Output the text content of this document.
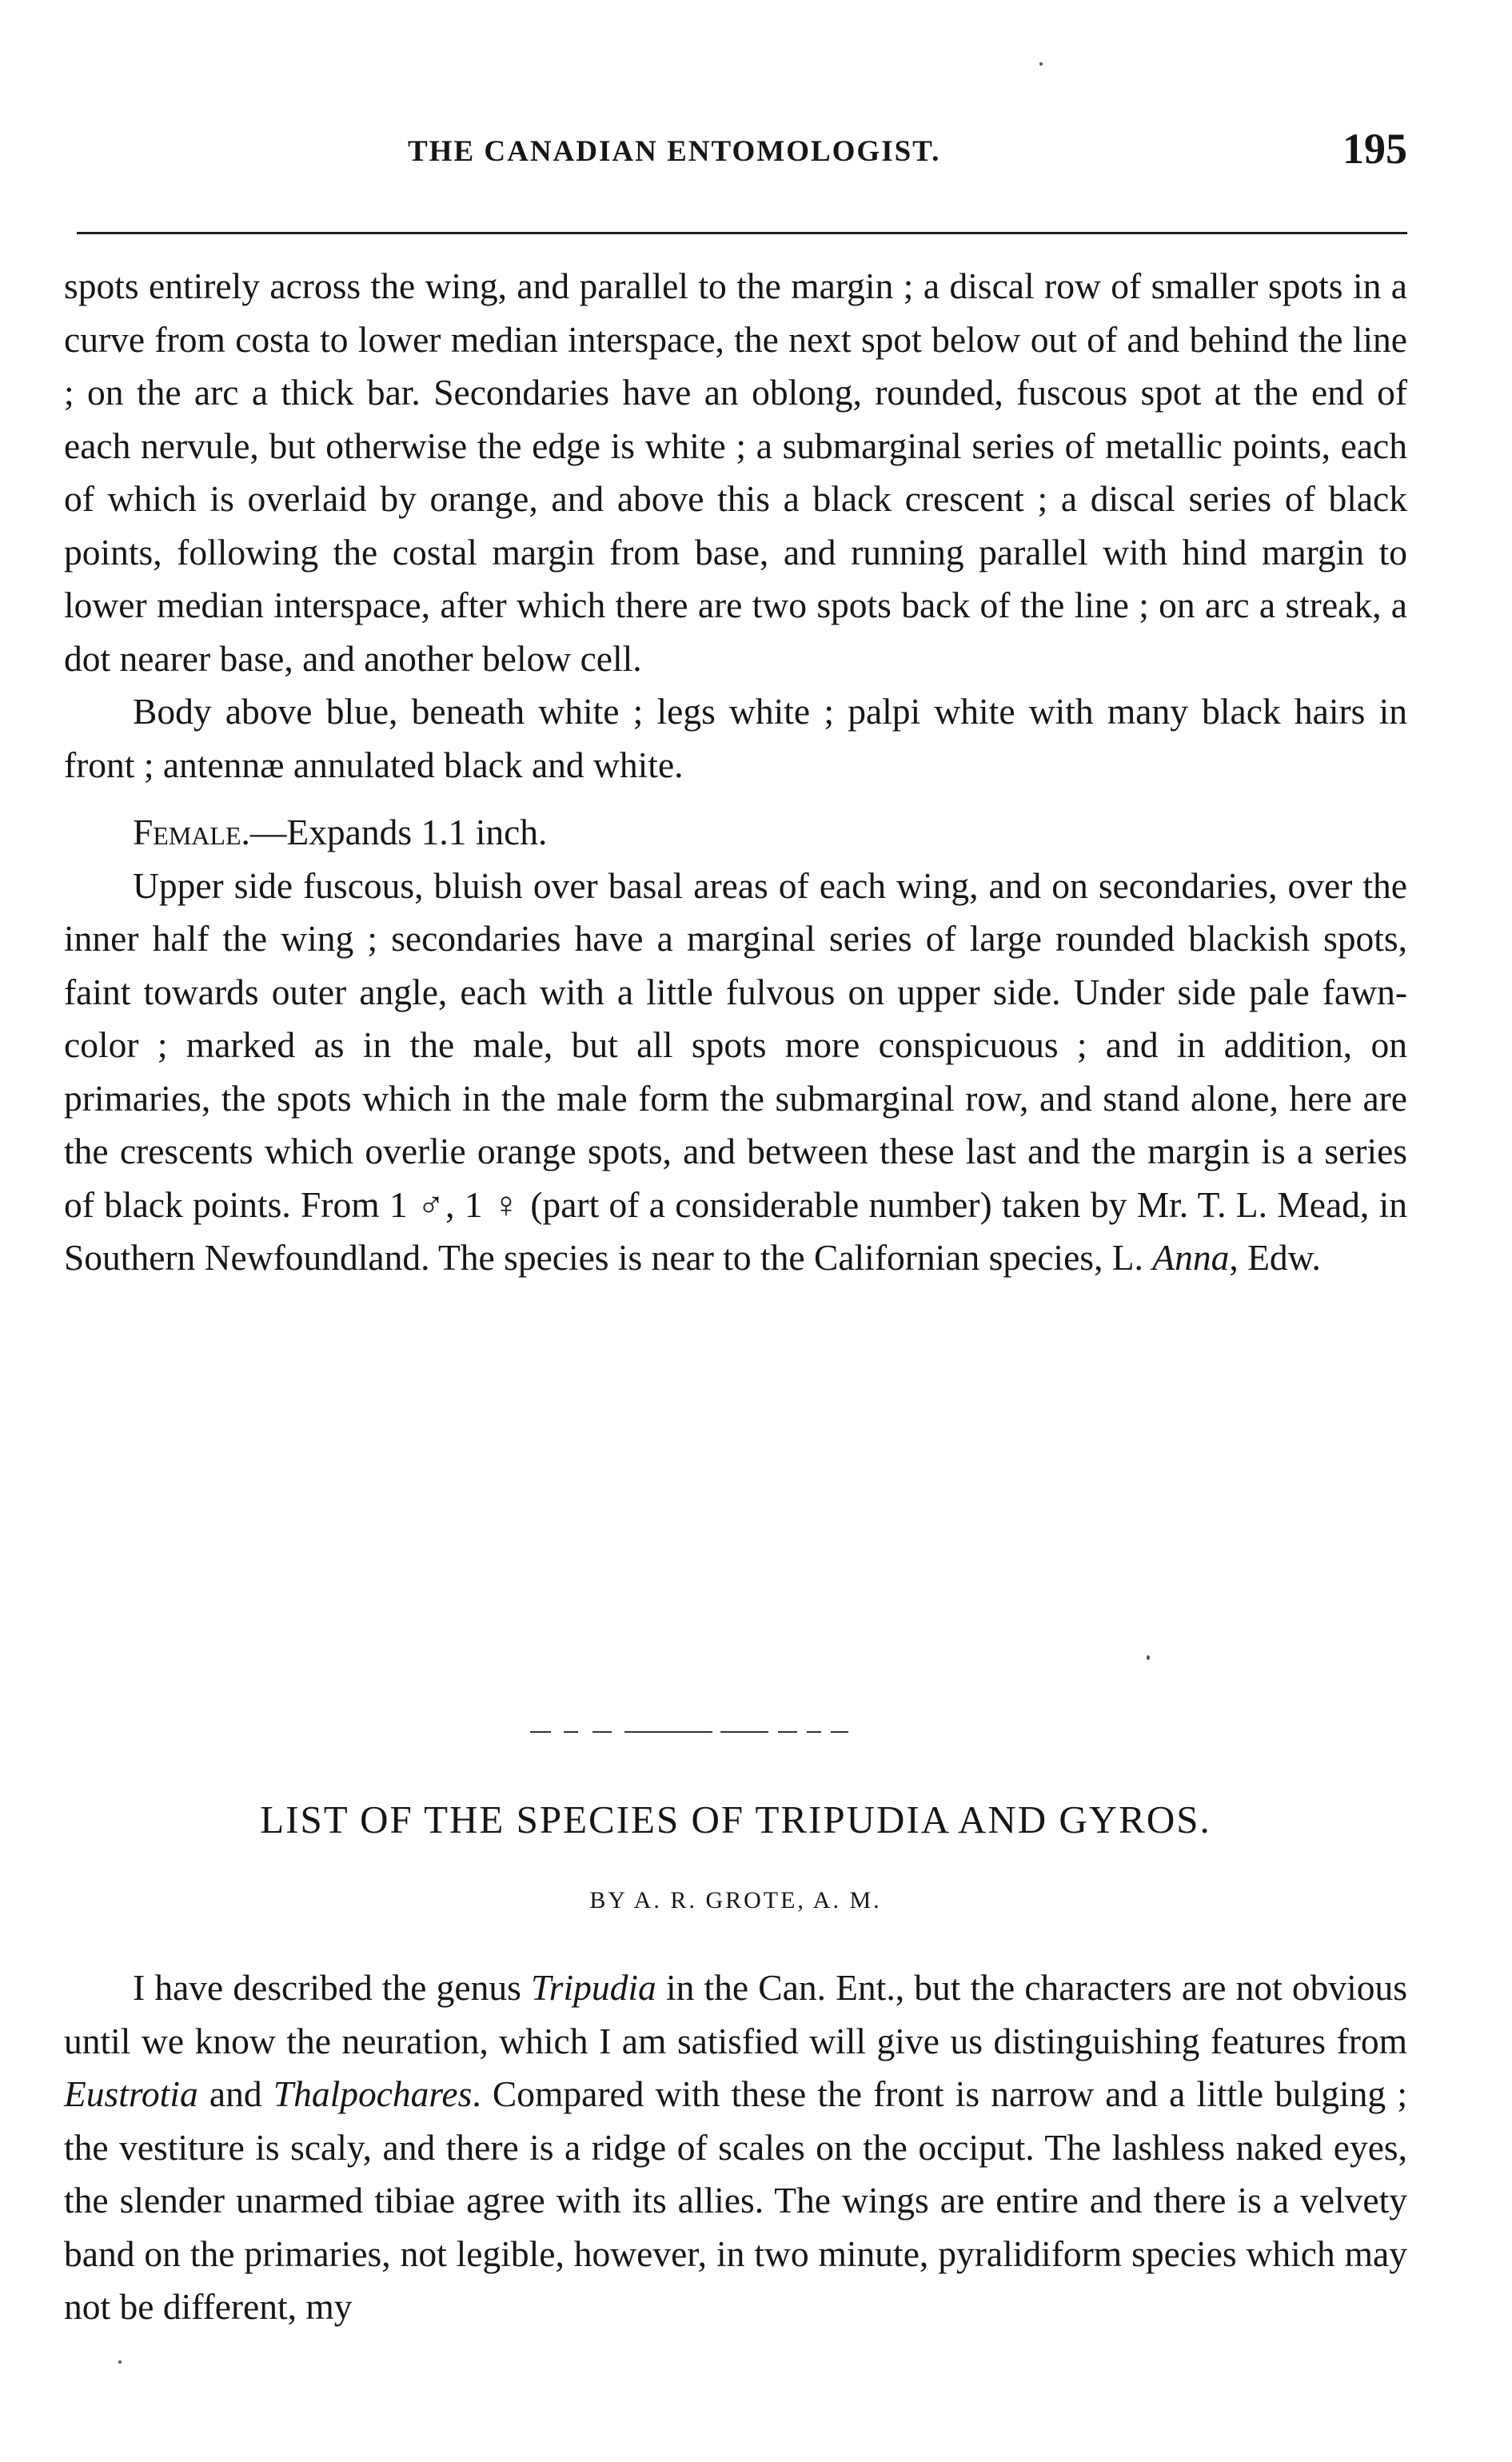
THE CANADIAN ENTOMOLOGIST.	195

spots entirely across the wing, and parallel to the margin ; a discal row of smaller spots in a curve from costa to lower median interspace, the next spot below out of and behind the line ; on the arc a thick bar. Secondaries have an oblong, rounded, fuscous spot at the end of each nervule, but otherwise the edge is white ; a submarginal series of metallic points, each of which is overlaid by orange, and above this a black crescent ; a discal series of black points, following the costal margin from base, and running parallel with hind margin to lower median interspace, after which there are two spots back of the line ; on arc a streak, a dot nearer base, and another below cell.

Body above blue, beneath white ; legs white ; palpi white with many black hairs in front ; antennæ annulated black and white.

Female.—Expands 1.1 inch.

Upper side fuscous, bluish over basal areas of each wing, and on secondaries, over the inner half the wing ; secondaries have a marginal series of large rounded blackish spots, faint towards outer angle, each with a little fulvous on upper side. Under side pale fawn-color ; marked as in the male, but all spots more conspicuous ; and in addition, on primaries, the spots which in the male form the submarginal row, and stand alone, here are the crescents which overlie orange spots, and between these last and the margin is a series of black points. From 1 ♂, 1 ♀ (part of a considerable number) taken by Mr. T. L. Mead, in Southern Newfoundland. The species is near to the Californian species, L. Anna, Edw.

LIST OF THE SPECIES OF TRIPUDIA AND GYROS.
BY A. R. GROTE, A. M.

I have described the genus Tripudia in the Can. Ent., but the characters are not obvious until we know the neuration, which I am satisfied will give us distinguishing features from Eustrotia and Thalpochares. Compared with these the front is narrow and a little bulging ; the vestiture is scaly, and there is a ridge of scales on the occiput. The lashless naked eyes, the slender unarmed tibiae agree with its allies. The wings are entire and there is a velvety band on the primaries, not legible, however, in two minute, pyralidiform species which may not be different, my
